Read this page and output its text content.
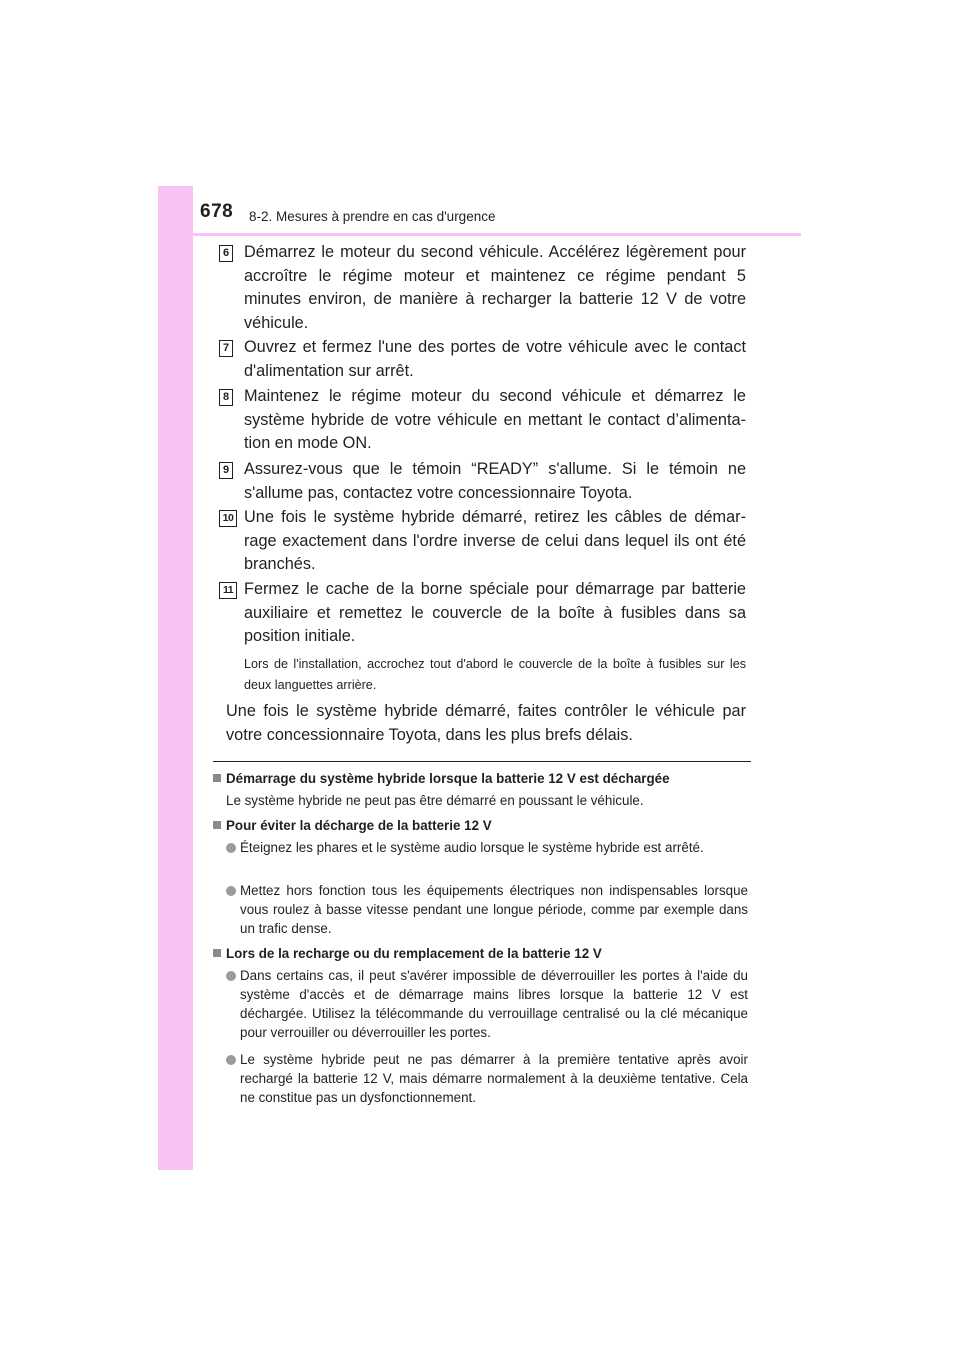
678 8-2. Mesures à prendre en cas d'urgence
6 Démarrez le moteur du second véhicule. Accélérez légèrement pour accroître le régime moteur et maintenez ce régime pendant 5 minutes environ, de manière à recharger la batterie 12 V de votre véhicule.
7 Ouvrez et fermez l'une des portes de votre véhicule avec le contact d'alimentation sur arrêt.
8 Maintenez le régime moteur du second véhicule et démarrez le système hybride de votre véhicule en mettant le contact d’alimenta-tion en mode ON.
9 Assurez-vous que le témoin “READY” s'allume. Si le témoin ne s'allume pas, contactez votre concessionnaire Toyota.
10 Une fois le système hybride démarré, retirez les câbles de démar-rage exactement dans l'ordre inverse de celui dans lequel ils ont été branchés.
11 Fermez le cache de la borne spéciale pour démarrage par batterie auxiliaire et remettez le couvercle de la boîte à fusibles dans sa position initiale.
Lors de l'installation, accrochez tout d'abord le couvercle de la boîte à fusibles sur les deux languettes arrière.
Une fois le système hybride démarré, faites contrôler le véhicule par votre concessionnaire Toyota, dans les plus brefs délais.
Démarrage du système hybride lorsque la batterie 12 V est déchargée
Le système hybride ne peut pas être démarré en poussant le véhicule.
Pour éviter la décharge de la batterie 12 V
Éteignez les phares et le système audio lorsque le système hybride est arrêté.
Mettez hors fonction tous les équipements électriques non indispensables lorsque vous roulez à basse vitesse pendant une longue période, comme par exemple dans un trafic dense.
Lors de la recharge ou du remplacement de la batterie 12 V
Dans certains cas, il peut s'avérer impossible de déverrouiller les portes à l'aide du système d'accès et de démarrage mains libres lorsque la batterie 12 V est déchargée. Utilisez la télécommande du verrouillage centralisé ou la clé mécanique pour verrouiller ou déverrouiller les portes.
Le système hybride peut ne pas démarrer à la première tentative après avoir rechargé la batterie 12 V, mais démarre normalement à la deuxième tentative. Cela ne constitue pas un dysfonctionnement.
